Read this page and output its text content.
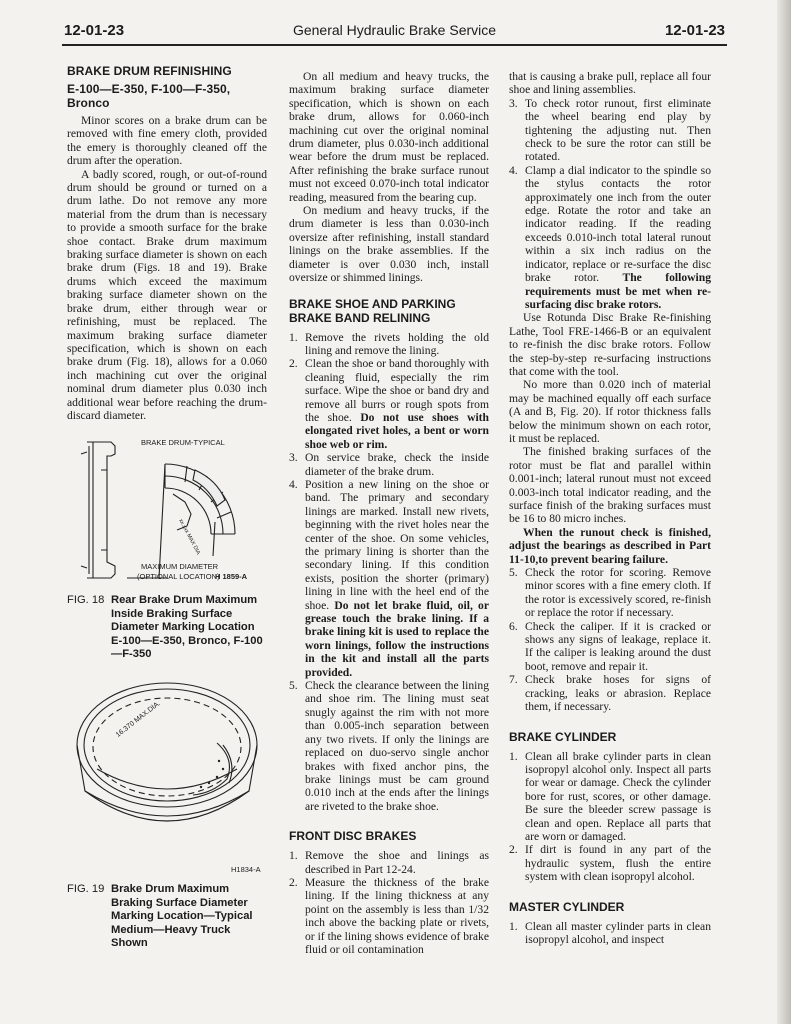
12-01-23	General Hydraulic Brake Service	12-01-23
BRAKE DRUM REFINISHING
E-100—E-350, F-100—F-350, Bronco

Minor scores on a brake drum can be removed with fine emery cloth, provided the emery is thoroughly cleaned off the drum after the operation.

A badly scored, rough, or out-of-round drum should be ground or turned on a drum lathe. Do not remove any more material from the drum than is necessary to provide a smooth surface for the brake shoe contact. Brake drum maximum braking surface diameter is shown on each brake drum (Figs. 18 and 19). Brake drums which exceed the maximum braking surface diameter shown on the brake drum, either through wear or refinishing, must be replaced. The maximum braking surface diameter specification, which is shown on each brake drum (Fig. 18), allows for a 0.060 inch machining cut over the original nominal drum diameter plus 0.030 inch additional wear before reaching the drum-discard diameter.

xx.xxx MAX DIA
BRAKE DRUM-TYPICAL
MAXIMUM DIAMETER
(OPTIONAL LOCATION)
H 1859-A
FIG. 18 Rear Brake Drum Maximum Inside Braking Surface Diameter Marking Location E-100—E-350, Bronco, F-100—F-350
16.370 MAX.DIA.
H1834-A
FIG. 19 Brake Drum Maximum Braking Surface Diameter Marking Location—Typical Medium—Heavy Truck Shown

On all medium and heavy trucks, the maximum braking surface diameter specification, which is shown on each brake drum, allows for 0.060-inch machining cut over the original nominal drum diameter, plus 0.030-inch additional wear before the drum must be replaced. After refinishing the brake surface runout must not exceed 0.070-inch total indicator reading, measured from the bearing cup.

On medium and heavy trucks, if the drum diameter is less than 0.030-inch oversize after refinishing, install standard linings on the brake assemblies. If the diameter is over 0.030 inch, install oversize or shimmed linings.

BRAKE SHOE AND PARKING BRAKE BAND RELINING
1. Remove the rivets holding the old lining and remove the lining.
2. Clean the shoe or band thoroughly with cleaning fluid, especially the rim surface. Wipe the shoe or band dry and remove all burrs or rough spots from the shoe. Do not use shoes with elongated rivet holes, a bent or worn shoe web or rim.
3. On service brake, check the inside diameter of the brake drum.
4. Position a new lining on the shoe or band. The primary and secondary linings are marked. Install new rivets, beginning with the rivet holes near the center of the shoe. On some vehicles, the primary lining is shorter than the secondary lining. If this condition exists, position the shorter (primary) lining in line with the heel end of the shoe. Do not let brake fluid, oil, or grease touch the brake lining. If a brake lining kit is used to replace the worn linings, follow the instructions in the kit and install all the parts provided.
5. Check the clearance between the lining and shoe rim. The lining must seat snugly against the rim with not more than 0.005-inch separation between any two rivets. If only the linings are replaced on duo-servo single anchor brakes with fixed anchor pins, the brake linings must be cam ground 0.010 inch at the ends after the linings are riveted to the brake shoe.
FRONT DISC BRAKES
1. Remove the shoe and linings as described in Part 12-24.
2. Measure the thickness of the brake lining. If the lining thickness at any point on the assembly is less than 1/32 inch above the backing plate or rivets, or if the lining shows evidence of brake fluid or oil contamination

that is causing a brake pull, replace all four shoe and lining assemblies.

3. To check rotor runout, first eliminate the wheel bearing end play by tightening the adjusting nut. Then check to be sure the rotor can still be rotated.
4. Clamp a dial indicator to the spindle so the stylus contacts the rotor approximately one inch from the outer edge. Rotate the rotor and take an indicator reading. If the reading exceeds 0.010-inch total lateral runout within a six inch radius on the indicator, replace or re-surface the disc brake rotor. The following requirements must be met when re-surfacing disc brake rotors.

Use Rotunda Disc Brake Re-finishing Lathe, Tool FRE-1466-B or an equivalent to re-finish the disc brake rotors. Follow the step-by-step re-surfacing instructions that come with the tool.

No more than 0.020 inch of material may be machined equally off each surface (A and B, Fig. 20). If rotor thickness falls below the minimum shown on each rotor, it must be replaced.

The finished braking surfaces of the rotor must be flat and parallel within 0.001-inch; lateral runout must not exceed 0.003-inch total indicator reading, and the surface finish of the braking surfaces must be 16 to 80 micro inches.

When the runout check is finished, adjust the bearings as described in Part 11-10,to prevent bearing failure.

5. Check the rotor for scoring. Remove minor scores with a fine emery cloth. If the rotor is excessively scored, re-finish or replace the rotor if necessary.
6. Check the caliper. If it is cracked or shows any signs of leakage, replace it. If the caliper is leaking around the dust boot, remove and repair it.
7. Check brake hoses for signs of cracking, leaks or abrasion. Replace them, if necessary.
BRAKE CYLINDER
1. Clean all brake cylinder parts in clean isopropyl alcohol only. Inspect all parts for wear or damage. Check the cylinder bore for rust, scores, or other damage. Be sure the bleeder screw passage is clean and open. Replace all parts that are worn or damaged.
2. If dirt is found in any part of the hydraulic system, flush the entire system with clean isopropyl alcohol.
MASTER CYLINDER
1. Clean all master cylinder parts in clean isopropyl alcohol, and inspect
